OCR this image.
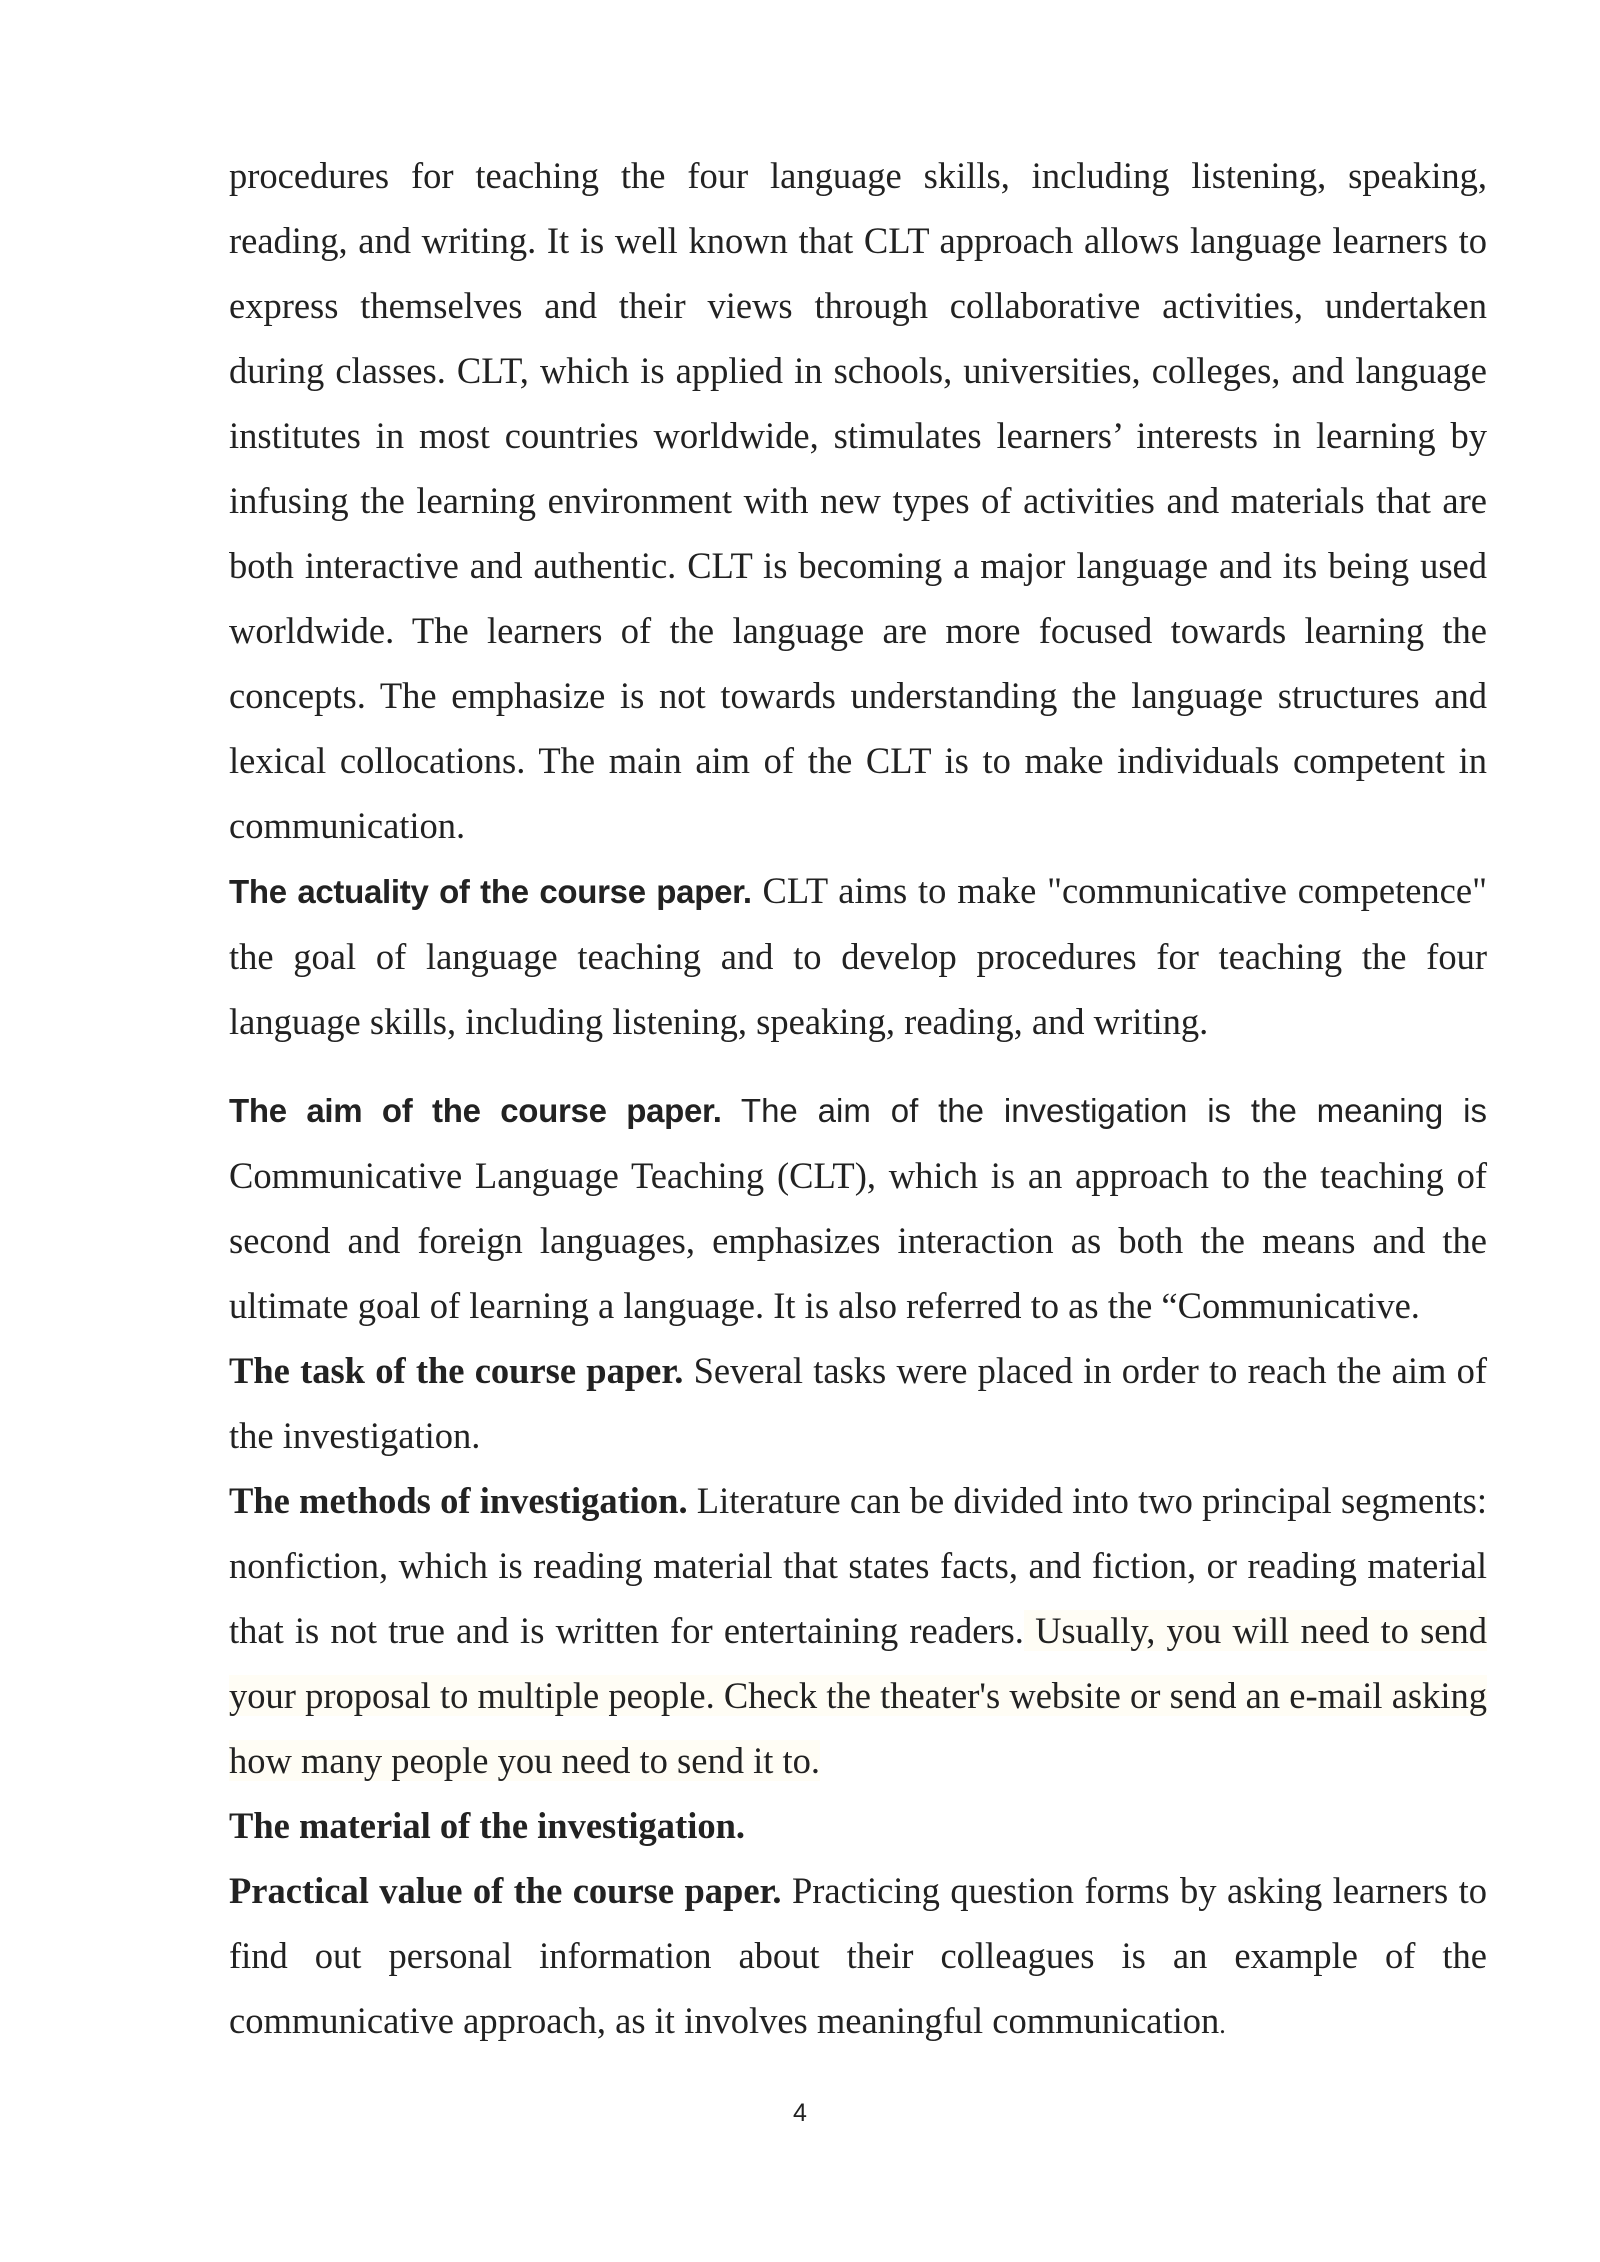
procedures for teaching the four language skills, including listening, speaking, reading, and writing. It is well known that CLT approach allows language learners to express themselves and their views through collaborative activities, undertaken during classes. CLT, which is applied in schools, universities, colleges, and language institutes in most countries worldwide, stimulates learners’ interests in learning by infusing the learning environment with new types of activities and materials that are both interactive and authentic. CLT is becoming a major language and its being used worldwide. The learners of the language are more focused towards learning the concepts. The emphasize is not towards understanding the language structures and lexical collocations. The main aim of the CLT is to make individuals competent in communication.

The actuality of the course paper. CLT aims to make "communicative competence" the goal of language teaching and to develop procedures for teaching the four language skills, including listening, speaking, reading, and writing.

The aim of the course paper. The aim of the investigation is the meaning is Communicative Language Teaching (CLT), which is an approach to the teaching of second and foreign languages, emphasizes interaction as both the means and the ultimate goal of learning a language. It is also referred to as the “Communicative.

The task of the course paper. Several tasks were placed in order to reach the aim of the investigation.

The methods of investigation. Literature can be divided into two principal segments: nonfiction, which is reading material that states facts, and fiction, or reading material that is not true and is written for entertaining readers. Usually, you will need to send your proposal to multiple people. Check the theater's website or send an e-mail asking how many people you need to send it to.

The material of the investigation.

Practical value of the course paper. Practicing question forms by asking learners to find out personal information about their colleagues is an example of the communicative approach, as it involves meaningful communication.

4
